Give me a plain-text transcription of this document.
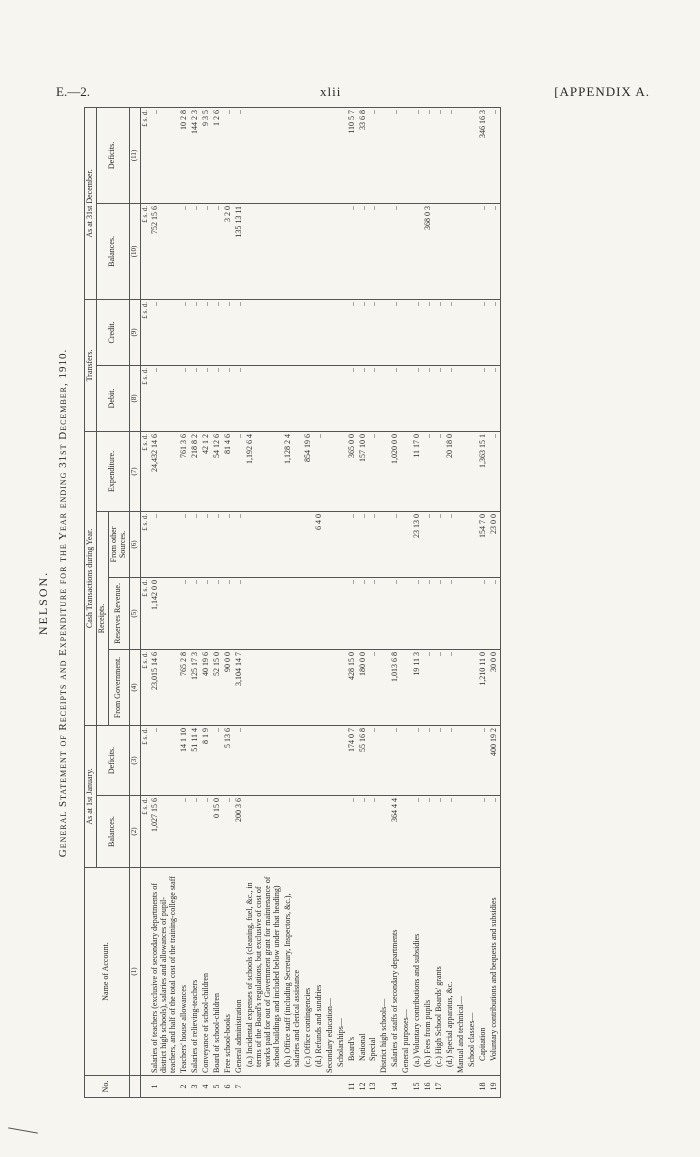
E.—2.	xlii	[APPENDIX A.
NELSON. General Statement of Receipts and Expenditure for the Year ending 31st December, 1910.
No.	Name of Account.	As at 1st January.		Cash Transactions during Year.				Transfers.		As at 31st December.	
		Balances.	Deficits.	Receipts.			Expenditure.	Debit.	Credit.	Balances.	Deficits.
				From Government.	Reserves Revenue.	From other Sources.					
	(1)	(2)	(3)	(4)	(5)	(6)	(7)	(8)	(9)	(10)	(11)
		£ s. d.	£ s. d.	£ s. d.	£ s. d.	£ s. d.	£ s. d.	£ s. d.	£ s. d.	£ s. d.	£ s. d.
1	Salaries of teachers (exclusive of secondary departments of district high schools), salaries and allowances of pupil-teachers, and half of the total cost of the training-college staff	1,027 15 6	..	23,015 14 6	1,142 0 0	..	24,432 14 6	..	..	752 15 6	..
2	Teachers' house allowances	..	14 1 10	765 2 8	..	..	761 3 6	..	..	..	10 2 8
3	Salaries of relieving-teachers	..	51 11 4	125 17 3	..	..	218 8 2	..	..	..	144 2 3
4	Conveyance of school-children	..	8 1 9	40 19 6	..	..	42 1 2	..	..	..	9 3 5
5	Board of school-children	0 15 0	..	52 15 0	..	..	54 12 6	..	..	..	1 2 6
6	Free school-books	..	5 13 6	90 0 0	..	..	81 4 6	..	..	3 2 0	..
7	General administration	200 3 6	..	3,104 14 7	..	..	..	..	..	135 13 11	..
	(a.) Incidental expenses of schools (cleaning, fuel, &c., in terms of the Board's regulations, but exclusive of cost of works paid for out of Government grant for maintenance of school buildings and included below under that heading)						1,192 6 4				
	(b.) Office staff (including Secretary, Inspectors, &c.), salaries and clerical assistance						1,128 2 4				
	(c.) Office contingencies						854 19 6				
	(d.) Refunds and sundries					6 4 0	..				
	Secondary education—										
	Scholarships—										
11	Board's	..	174 0 7	428 15 0	..	..	365 0 0	..	..	..	110 5 7
12	National	..	55 16 8	180 0 0	..	..	157 10 0	..	..	..	33 6 8
13	Special	..	..	..	..	..	..	..	..	..	..
	District high schools—										
14	Salaries of staffs of secondary departments	364 4 4	..	1,013 6 8	..	..	1,020 0 0	..	..	..	..
	General purposes—										
15	(a.) Voluntary contributions and subsidies	..	..	19 11 3	..	23 13 0	11 17 0	..	..		..
16	(b.) Fees from pupils	..	..	..	..	..	..	..	..	368 0 3	..
17	(c.) High School Boards' grants	..	..	..	..	..	..	..	..		..
	(d.) Special apparatus, &c.	..	..	..	..	..	20 18 0	..	..		..
	Manual and technical—										
	School classes—										
18	Capitation	..	..	1,210 11 0	..	154 7 0	1,363 15 1	..	..	..	346 16 3
19	Voluntary contributions and bequests and subsidies	..	400 19 2	30 0 0	..	23 0 0	..	..	..	..	..
